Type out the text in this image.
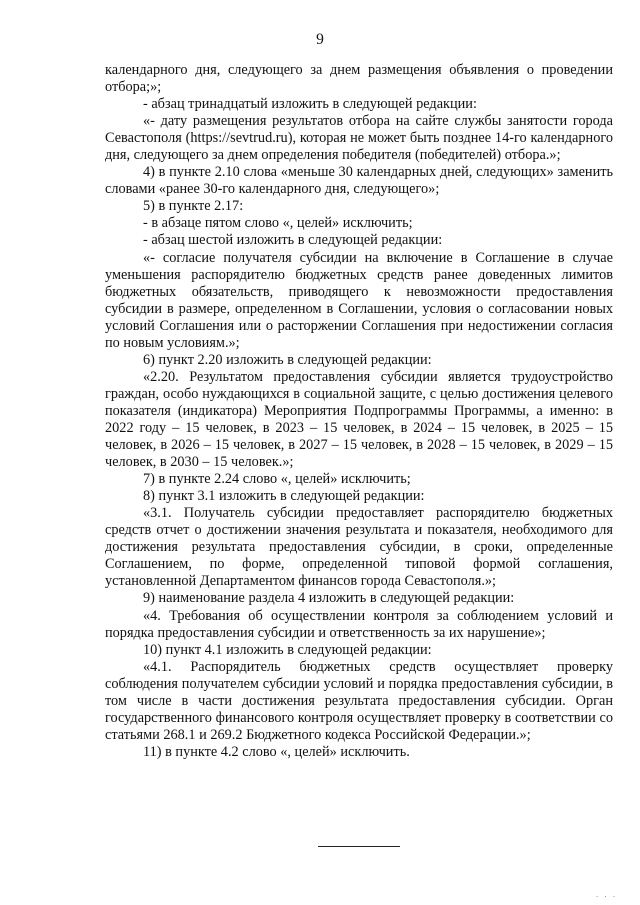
9

календарного дня, следующего за днем размещения объявления о проведении отбора;»;

- абзац тринадцатый изложить в следующей редакции:

«- дату размещения результатов отбора на сайте службы занятости города Севастополя (https://sevtrud.ru), которая не может быть позднее 14-го календарного дня, следующего за днем определения победителя (победителей) отбора.»;

4) в пункте 2.10 слова «меньше 30 календарных дней, следующих» заменить словами «ранее 30-го календарного дня, следующего»;

5) в пункте 2.17:

- в абзаце пятом слово «, целей» исключить;

- абзац шестой изложить в следующей редакции:

«- согласие получателя субсидии на включение в Соглашение в случае уменьшения распорядителю бюджетных средств ранее доведенных лимитов бюджетных обязательств, приводящего к невозможности предоставления субсидии в размере, определенном в Соглашении, условия о согласовании новых условий Соглашения или о расторжении Соглашения при недостижении согласия по новым условиям.»;

6) пункт 2.20 изложить в следующей редакции:

«2.20. Результатом предоставления субсидии является трудоустройство граждан, особо нуждающихся в социальной защите, с целью достижения целевого показателя (индикатора) Мероприятия Подпрограммы Программы, а именно: в 2022 году – 15 человек, в 2023 – 15 человек, в 2024 – 15 человек, в 2025 – 15 человек, в 2026 – 15 человек, в 2027 – 15 человек, в 2028 – 15 человек, в 2029 – 15 человек, в 2030 – 15 человек.»;

7) в пункте 2.24 слово «, целей» исключить;

8) пункт 3.1 изложить в следующей редакции:

«3.1. Получатель субсидии предоставляет распорядителю бюджетных средств отчет о достижении значения результата и показателя, необходимого для достижения результата предоставления субсидии, в сроки, определенные Соглашением, по форме, определенной типовой формой соглашения, установленной Департаментом финансов города Севастополя.»;

9) наименование раздела 4 изложить в следующей редакции:

«4. Требования об осуществлении контроля за соблюдением условий и порядка предоставления субсидии и ответственность за их нарушение»;

10) пункт 4.1 изложить в следующей редакции:

«4.1. Распорядитель бюджетных средств осуществляет проверку соблюдения получателем субсидии условий и порядка предоставления субсидии, в том числе в части достижения результата предоставления субсидии. Орган государственного финансового контроля осуществляет проверку в соответствии со статьями 268.1 и 269.2 Бюджетного кодекса Российской Федерации.»;

11) в пункте 4.2 слово «, целей» исключить.

· · ·
